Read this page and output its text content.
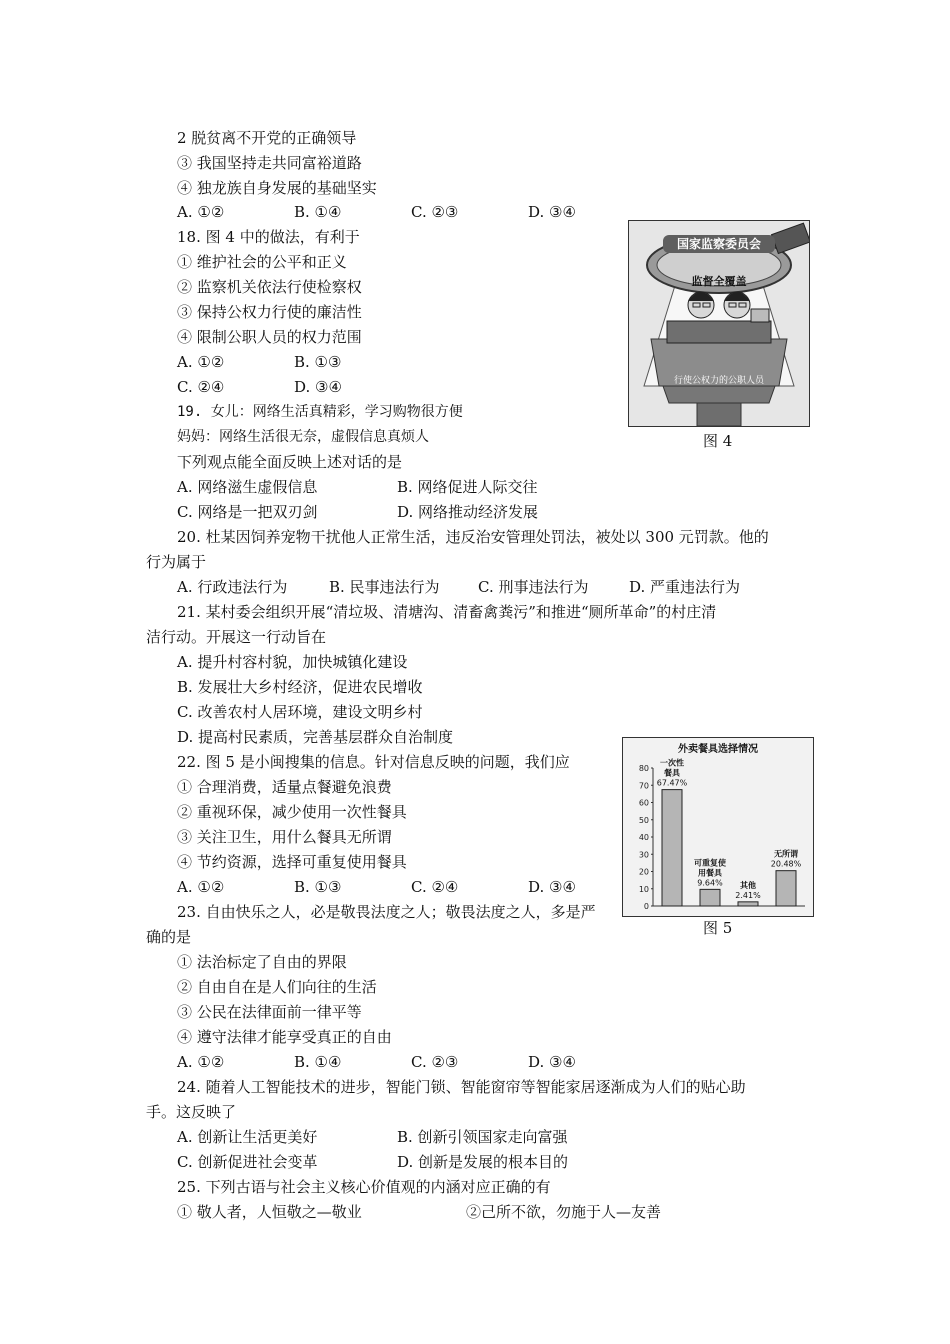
2 脱贫离不开党的正确领导
③ 我国坚持走共同富裕道路
④ 独龙族自身发展的基础坚实
A. ①②	B. ①④	C. ②③	D. ③④
18. 图 4 中的做法，有利于
① 维护社会的公平和正义
② 监察机关依法行使检察权
③ 保持公权力行使的廉洁性
④ 限制公职人员的权力范围
A. ①②	B. ①③
C. ②④	D. ③④
国家监察委员会
监督全覆盖
行使公权力的公职人员
图 4
19. 女儿：网络生活真精彩，学习购物很方便
妈妈：网络生活很无奈，虚假信息真烦人
下列观点能全面反映上述对话的是
A. 网络滋生虚假信息	B. 网络促进人际交往
C. 网络是一把双刃剑	D. 网络推动经济发展
20. 杜某因饲养宠物干扰他人正常生活，违反治安管理处罚法，被处以 300 元罚款。他的
行为属于
A. 行政违法行为	B. 民事违法行为	C. 刑事违法行为	D. 严重违法行为
21. 某村委会组织开展“清垃圾、清塘沟、清畜禽粪污”和推进“厕所革命”的村庄清
洁行动。开展这一行动旨在
A. 提升村容村貌，加快城镇化建设
B. 发展壮大乡村经济，促进农民增收
C. 改善农村人居环境，建设文明乡村
D. 提高村民素质，完善基层群众自治制度
22. 图 5 是小闽搜集的信息。针对信息反映的问题，我们应
① 合理消费，适量点餐避免浪费
② 重视环保，减少使用一次性餐具
③ 关注卫生，用什么餐具无所谓
④ 节约资源，选择可重复使用餐具
A. ①②	B. ①③	C. ②④	D. ③④
外卖餐具选择情况
80
70
60
50
40
30
20
10
0
一次性
餐具
67.47%
可重复使
用餐具
9.64% 其他
2.41%
无所谓
20.48%
图 5
23. 自由快乐之人，必是敬畏法度之人；敬畏法度之人，多是严
确的是
① 法治标定了自由的界限
② 自由自在是人们向往的生活
③ 公民在法律面前一律平等
④ 遵守法律才能享受真正的自由
A. ①②	B. ①④	C. ②③	D. ③④
24. 随着人工智能技术的进步，智能门锁、智能窗帘等智能家居逐渐成为人们的贴心助
手。这反映了
A. 创新让生活更美好	B. 创新引领国家走向富强
C. 创新促进社会变革	D. 创新是发展的根本目的
25. 下列古语与社会主义核心价值观的内涵对应正确的有
① 敬人者，人恒敬之—敬业	②己所不欲，勿施于人—友善
